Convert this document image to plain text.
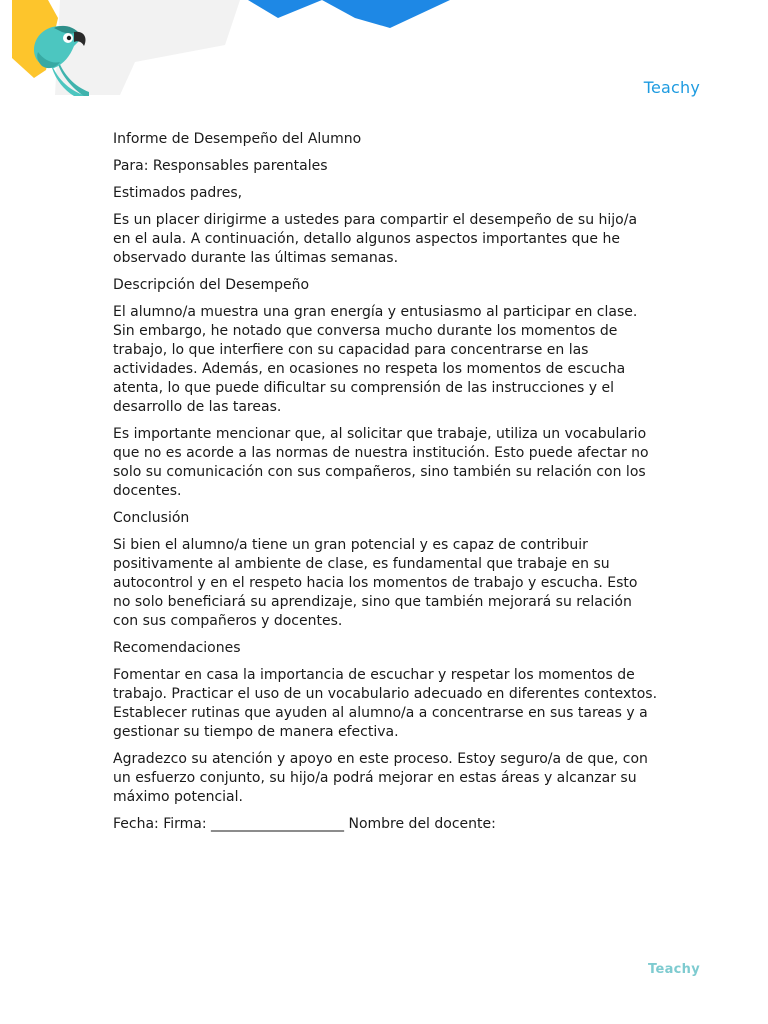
Teachy

Informe de Desempeño del Alumno

Para: Responsables parentales

Estimados padres,

Es un placer dirigirme a ustedes para compartir el desempeño de su hijo/a en el aula. A continuación, detallo algunos aspectos importantes que he observado durante las últimas semanas.

Descripción del Desempeño

El alumno/a muestra una gran energía y entusiasmo al participar en clase. Sin embargo, he notado que conversa mucho durante los momentos de trabajo, lo que interfiere con su capacidad para concentrarse en las actividades. Además, en ocasiones no respeta los momentos de escucha atenta, lo que puede dificultar su comprensión de las instrucciones y el desarrollo de las tareas.

Es importante mencionar que, al solicitar que trabaje, utiliza un vocabulario que no es acorde a las normas de nuestra institución. Esto puede afectar no solo su comunicación con sus compañeros, sino también su relación con los docentes.

Conclusión

Si bien el alumno/a tiene un gran potencial y es capaz de contribuir positivamente al ambiente de clase, es fundamental que trabaje en su autocontrol y en el respeto hacia los momentos de trabajo y escucha. Esto no solo beneficiará su aprendizaje, sino que también mejorará su relación con sus compañeros y docentes.

Recomendaciones

Fomentar en casa la importancia de escuchar y respetar los momentos de trabajo. Practicar el uso de un vocabulario adecuado en diferentes contextos. Establecer rutinas que ayuden al alumno/a a concentrarse en sus tareas y a gestionar su tiempo de manera efectiva.

Agradezco su atención y apoyo en este proceso. Estoy seguro/a de que, con un esfuerzo conjunto, su hijo/a podrá mejorar en estas áreas y alcanzar su máximo potencial.

Fecha: Firma: ___________________ Nombre del docente:

Teachy
